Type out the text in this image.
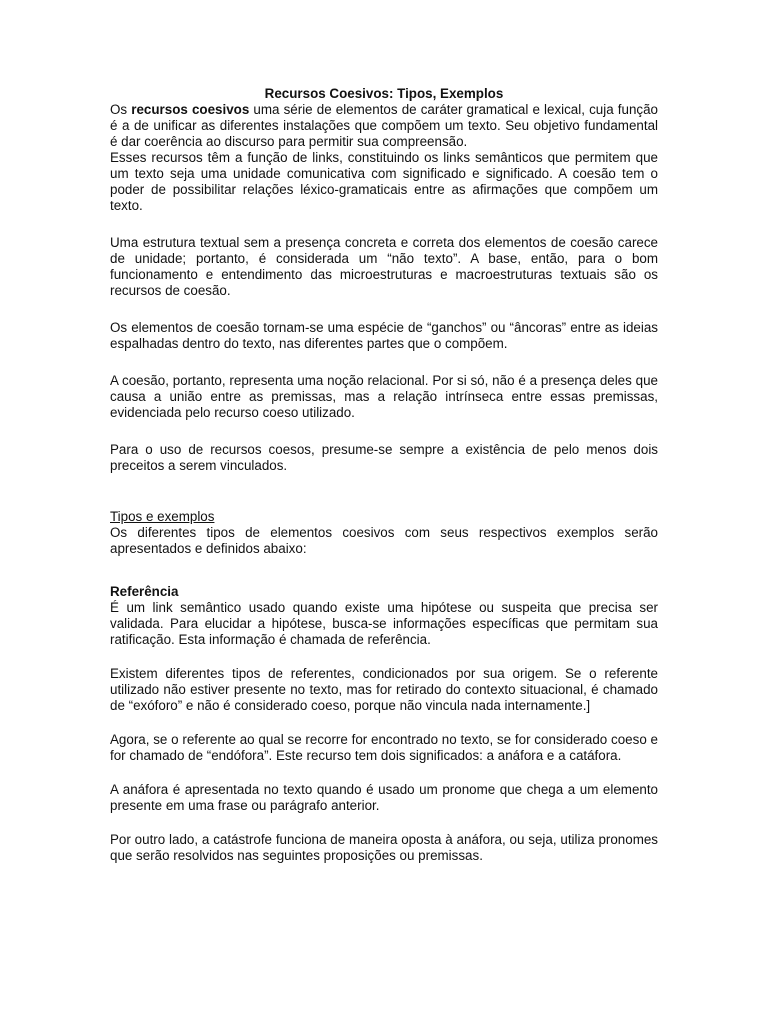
Recursos Coesivos: Tipos, Exemplos

Os recursos coesivos uma série de elementos de caráter gramatical e lexical, cuja função é a de unificar as diferentes instalações que compõem um texto. Seu objetivo fundamental é dar coerência ao discurso para permitir sua compreensão.

Esses recursos têm a função de links, constituindo os links semânticos que permitem que um texto seja uma unidade comunicativa com significado e significado. A coesão tem o poder de possibilitar relações léxico-gramaticais entre as afirmações que compõem um texto.

Uma estrutura textual sem a presença concreta e correta dos elementos de coesão carece de unidade; portanto, é considerada um “não texto”. A base, então, para o bom funcionamento e entendimento das microestruturas e macroestruturas textuais são os recursos de coesão.

Os elementos de coesão tornam-se uma espécie de “ganchos” ou “âncoras” entre as ideias espalhadas dentro do texto, nas diferentes partes que o compõem.

A coesão, portanto, representa uma noção relacional. Por si só, não é a presença deles que causa a união entre as premissas, mas a relação intrínseca entre essas premissas, evidenciada pelo recurso coeso utilizado.

Para o uso de recursos coesos, presume-se sempre a existência de pelo menos dois preceitos a serem vinculados.

Tipos e exemplos

Os diferentes tipos de elementos coesivos com seus respectivos exemplos serão apresentados e definidos abaixo:

Referência

É um link semântico usado quando existe uma hipótese ou suspeita que precisa ser validada. Para elucidar a hipótese, busca-se informações específicas que permitam sua ratificação. Esta informação é chamada de referência.

Existem diferentes tipos de referentes, condicionados por sua origem. Se o referente utilizado não estiver presente no texto, mas for retirado do contexto situacional, é chamado de “exóforo” e não é considerado coeso, porque não vincula nada internamente.]

Agora, se o referente ao qual se recorre for encontrado no texto, se for considerado coeso e for chamado de “endófora”. Este recurso tem dois significados: a anáfora e a catáfora.

A anáfora é apresentada no texto quando é usado um pronome que chega a um elemento presente em uma frase ou parágrafo anterior.

Por outro lado, a catástrofe funciona de maneira oposta à anáfora, ou seja, utiliza pronomes que serão resolvidos nas seguintes proposições ou premissas.
